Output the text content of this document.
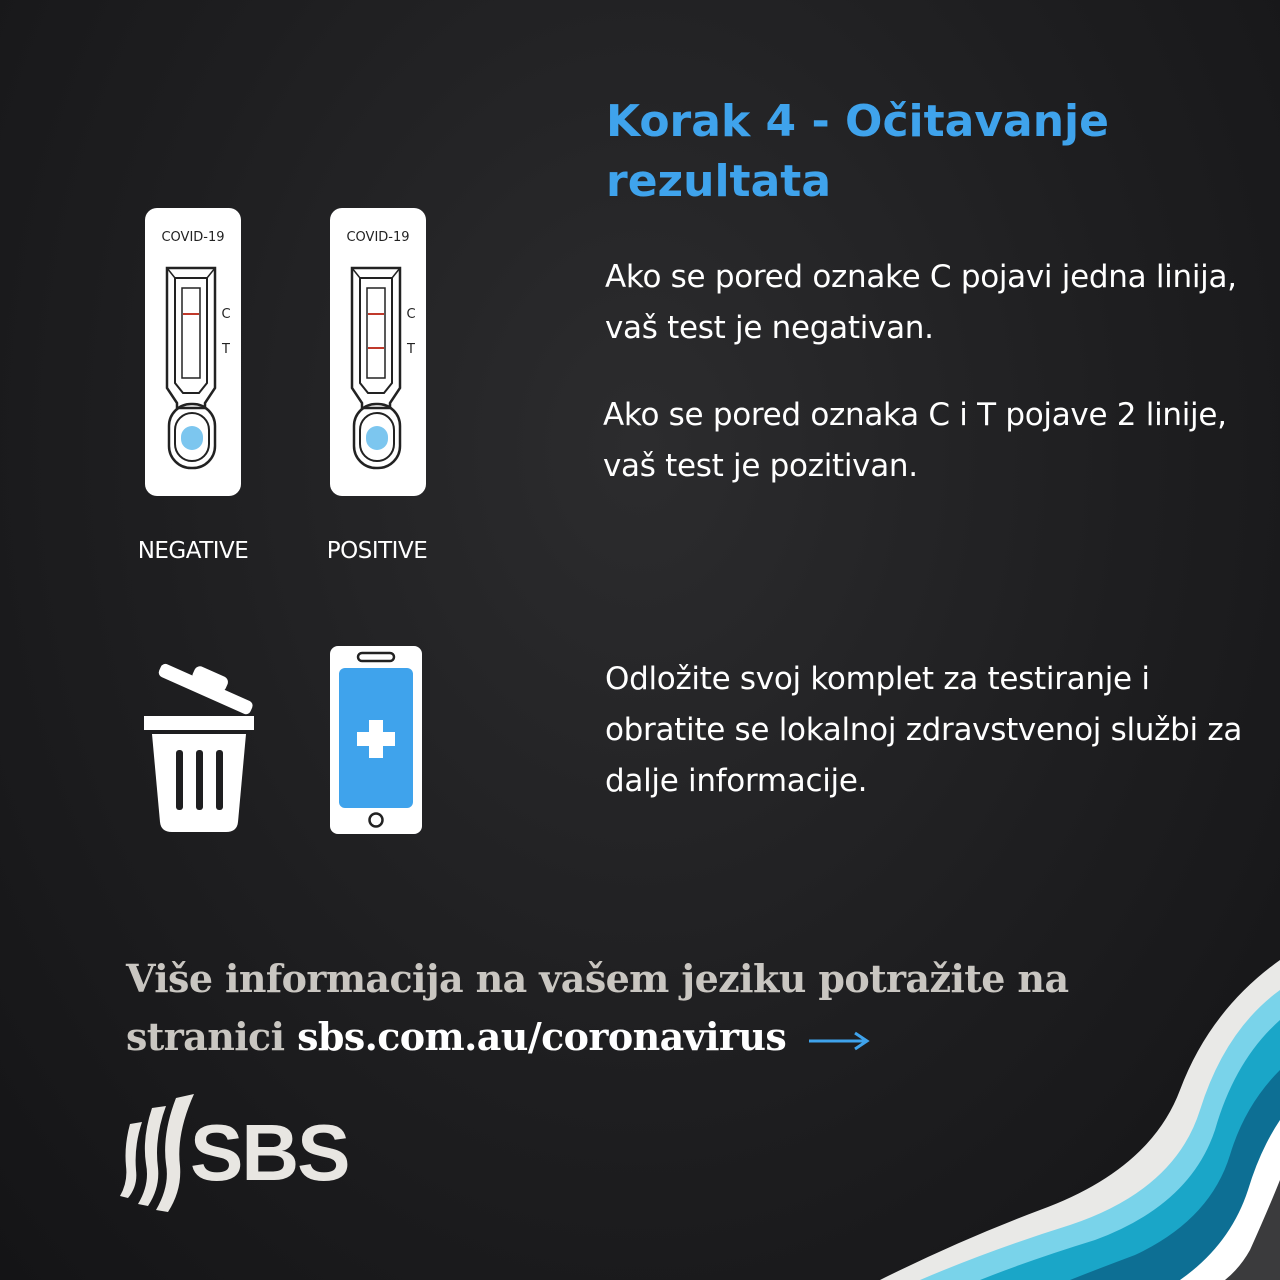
Korak 4 - Očitavanje rezultata
COVID-19
C
T
COVID-19
C
T
NEGATIVE	POSITIVE

Ako se pored oznake C pojavi jedna linija, vaš test je negativan.

Ako se pored oznaka C i T pojave 2 linije, vaš test je pozitivan.

Odložite svoj komplet za testiranje i obratite se lokalnoj zdravstvenoj službi za dalje informacije.

Više informacija na vašem jeziku potražite na stranici sbs.com.au/coronavirus

SBS
